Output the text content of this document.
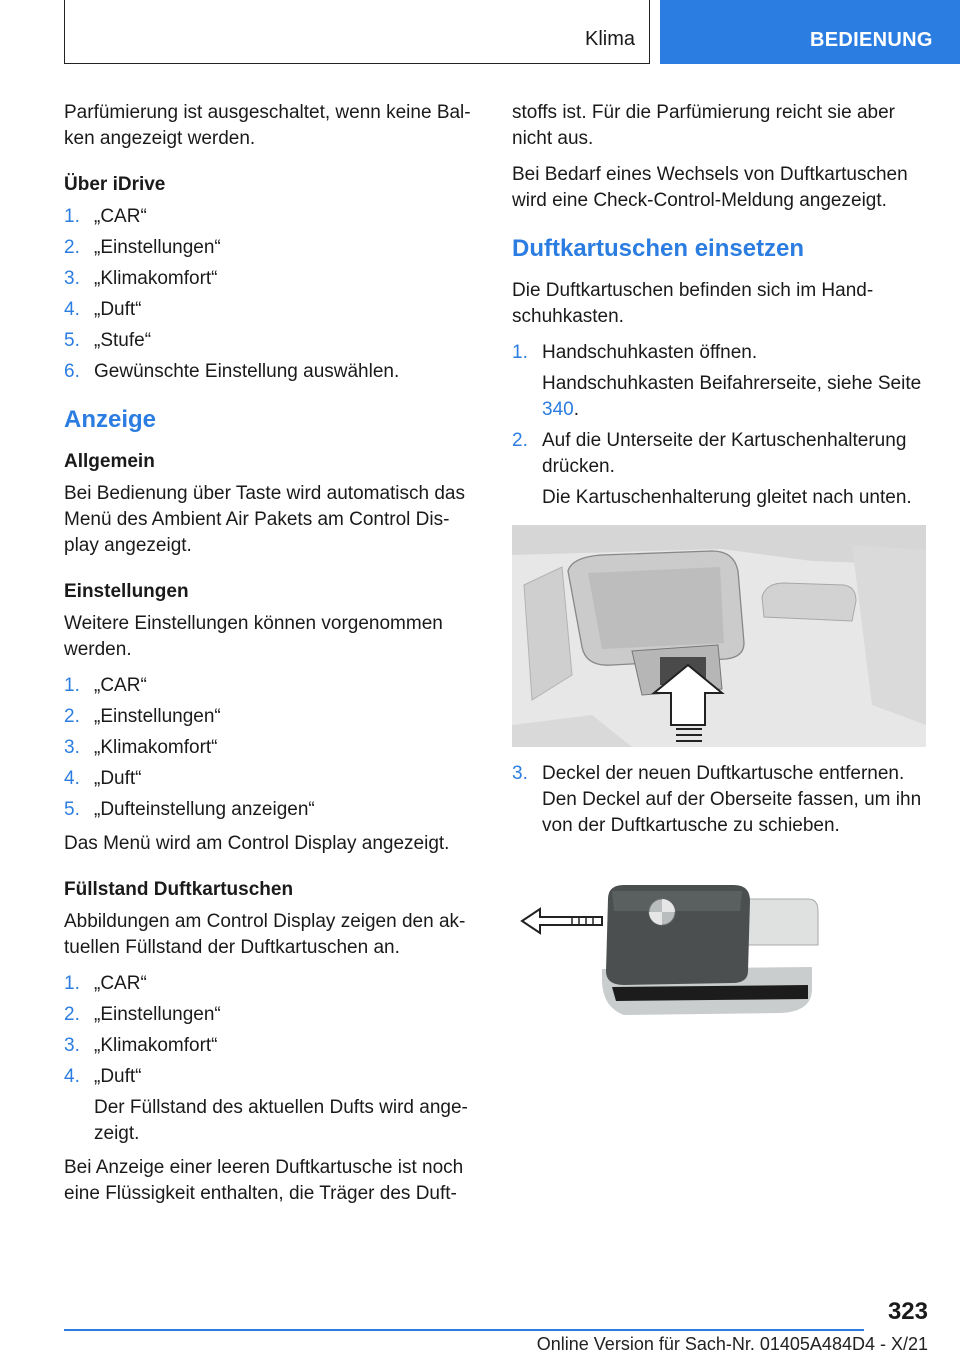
Klima	BEDIENUNG

Parfümierung ist ausgeschaltet, wenn keine Bal-ken angezeigt werden.

Über iDrive
1. „CAR“
2. „Einstellungen“
3. „Klimakomfort“
4. „Duft“
5. „Stufe“
6. Gewünschte Einstellung auswählen.
Anzeige
Allgemein

Bei Bedienung über Taste wird automatisch das Menü des Ambient Air Pakets am Control Dis-play angezeigt.

Einstellungen

Weitere Einstellungen können vorgenommen werden.

1. „CAR“
2. „Einstellungen“
3. „Klimakomfort“
4. „Duft“
5. „Dufteinstellung anzeigen“

Das Menü wird am Control Display angezeigt.

Füllstand Duftkartuschen

Abbildungen am Control Display zeigen den ak-tuellen Füllstand der Duftkartuschen an.

1. „CAR“
2. „Einstellungen“
3. „Klimakomfort“
4. „Duft“
Der Füllstand des aktuellen Dufts wird ange-zeigt.

Bei Anzeige einer leeren Duftkartusche ist noch eine Flüssigkeit enthalten, die Träger des Duft-

stoffs ist. Für die Parfümierung reicht sie aber nicht aus.

Bei Bedarf eines Wechsels von Duftkartuschen wird eine Check-Control-Meldung angezeigt.

Duftkartuschen einsetzen

Die Duftkartuschen befinden sich im Hand-schuhkasten.

1. Handschuhkasten öffnen.
Handschuhkasten Beifahrerseite, siehe Seite 340.
2. Auf die Unterseite der Kartuschenhalterung drücken.
Die Kartuschenhalterung gleitet nach unten.
3. Deckel der neuen Duftkartusche entfernen.
Den Deckel auf der Oberseite fassen, um ihn von der Duftkartusche zu schieben.
323
Online Version für Sach-Nr. 01405A484D4 - X/21
